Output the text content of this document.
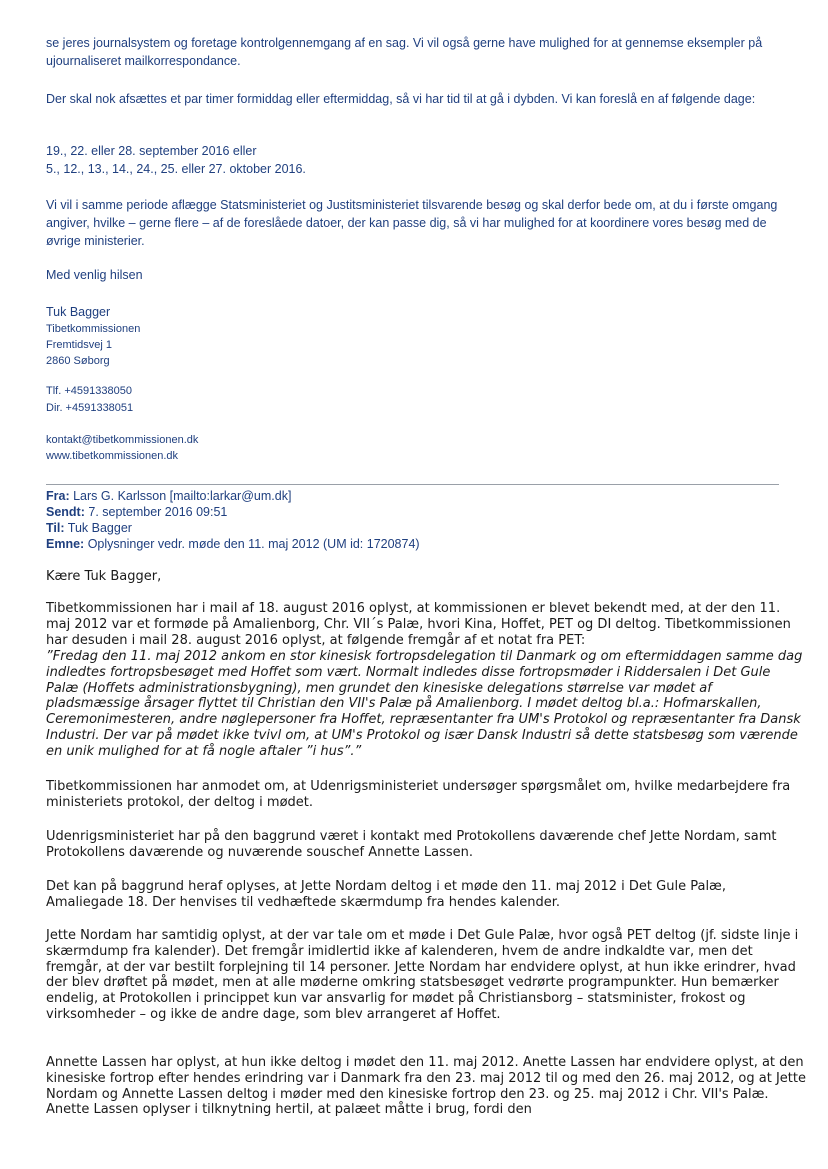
se jeres journalsystem og foretage kontrolgennemgang af en sag. Vi vil også gerne have mulighed for at gennemse eksempler på ujournaliseret mailkorrespondance.

Der skal nok afsættes et par timer formiddag eller eftermiddag, så vi har tid til at gå i dybden. Vi kan foreslå en af følgende dage:

19., 22. eller 28. september 2016 eller

5., 12., 13., 14., 24., 25. eller 27. oktober 2016.

Vi vil i samme periode aflægge Statsministeriet og Justitsministeriet tilsvarende besøg og skal derfor bede om, at du i første omgang angiver, hvilke – gerne flere – af de foreslåede datoer, der kan passe dig, så vi har mulighed for at koordinere vores besøg med de øvrige ministerier.

Med venlig hilsen

Tuk Bagger

Tibetkommissionen

Fremtidsvej 1

2860 Søborg

Tlf. +4591338050

Dir. +4591338051

kontakt@tibetkommissionen.dk

www.tibetkommissionen.dk

Fra: Lars G. Karlsson [mailto:larkar@um.dk]
Sendt: 7. september 2016 09:51
Til: Tuk Bagger
Emne: Oplysninger vedr. møde den 11. maj 2012 (UM id: 1720874)

Kære Tuk Bagger,

Tibetkommissionen har i mail af 18. august 2016 oplyst, at kommissionen er blevet bekendt med, at der den 11. maj 2012 var et formøde på Amalienborg, Chr. VII´s Palæ, hvori Kina, Hoffet, PET og DI deltog. Tibetkommissionen har desuden i mail 28. august 2016 oplyst, at følgende fremgår af et notat fra PET:

”Fredag den 11. maj 2012 ankom en stor kinesisk fortropsdelegation til Danmark og om eftermiddagen samme dag indledtes fortropsbesøget med Hoffet som vært. Normalt indledes disse fortropsmøder i Riddersalen i Det Gule Palæ (Hoffets administrationsbygning), men grundet den kinesiske delegations størrelse var mødet af pladsmæssige årsager flyttet til Christian den VII's Palæ på Amalienborg. I mødet deltog bl.a.: Hofmarskallen, Ceremonimesteren, andre nøglepersoner fra Hoffet, repræsentanter fra UM's Protokol og repræsentanter fra Dansk Industri. Der var på mødet ikke tvivl om, at UM's Protokol og især Dansk Industri så dette statsbesøg som værende en unik mulighed for at få nogle aftaler ”i hus”.”

Tibetkommissionen har anmodet om, at Udenrigsministeriet undersøger spørgsmålet om, hvilke medarbejdere fra ministeriets protokol, der deltog i mødet.

Udenrigsministeriet har på den baggrund været i kontakt med Protokollens daværende chef Jette Nordam, samt Protokollens daværende og nuværende souschef Annette Lassen.

Det kan på baggrund heraf oplyses, at Jette Nordam deltog i et møde den 11. maj 2012 i Det Gule Palæ, Amaliegade 18. Der henvises til vedhæftede skærmdump fra hendes kalender.

Jette Nordam har samtidig oplyst, at der var tale om et møde i Det Gule Palæ, hvor også PET deltog (jf. sidste linje i skærmdump fra kalender). Det fremgår imidlertid ikke af kalenderen, hvem de andre indkaldte var, men det fremgår, at der var bestilt forplejning til 14 personer. Jette Nordam har endvidere oplyst, at hun ikke erindrer, hvad der blev drøftet på mødet, men at alle møderne omkring statsbesøget vedrørte programpunkter. Hun bemærker endelig, at Protokollen i princippet kun var ansvarlig for mødet på Christiansborg – statsminister, frokost og virksomheder – og ikke de andre dage, som blev arrangeret af Hoffet.

Annette Lassen har oplyst, at hun ikke deltog i mødet den 11. maj 2012. Anette Lassen har endvidere oplyst, at den kinesiske fortrop efter hendes erindring var i Danmark fra den 23. maj 2012 til og med den 26. maj 2012, og at Jette Nordam og Annette Lassen deltog i møder med den kinesiske fortrop den 23. og 25. maj 2012 i Chr. VII's Palæ. Anette Lassen oplyser i tilknytning hertil, at palæet måtte i brug, fordi den
